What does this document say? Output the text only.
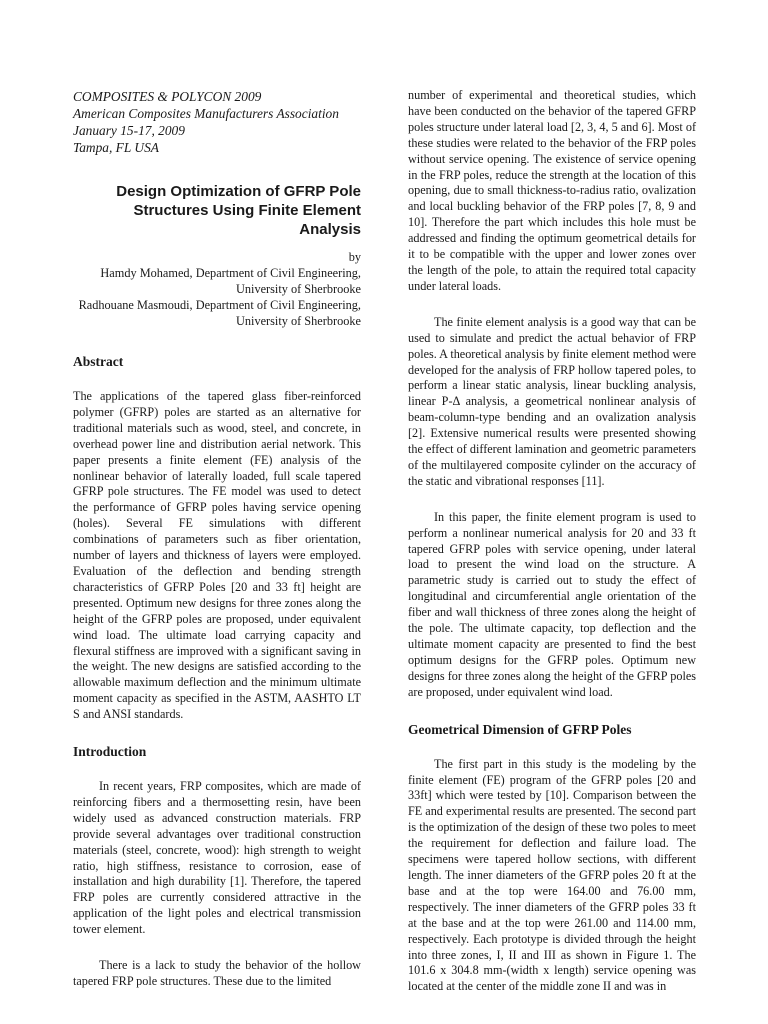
COMPOSITES & POLYCON 2009
American Composites Manufacturers Association
January 15-17, 2009
Tampa, FL USA
Design Optimization of GFRP Pole
Structures Using Finite Element
Analysis
by
Hamdy Mohamed, Department of Civil Engineering,
University of Sherbrooke
Radhouane Masmoudi, Department of Civil Engineering,
University of Sherbrooke
Abstract

The applications of the tapered glass fiber-reinforced polymer (GFRP) poles are started as an alternative for traditional materials such as wood, steel, and concrete, in overhead power line and distribution aerial network. This paper presents a finite element (FE) analysis of the nonlinear behavior of laterally loaded, full scale tapered GFRP pole structures. The FE model was used to detect the performance of GFRP poles having service opening (holes). Several FE simulations with different combinations of parameters such as fiber orientation, number of layers and thickness of layers were employed. Evaluation of the deflection and bending strength characteristics of GFRP Poles [20 and 33 ft] height are presented. Optimum new designs for three zones along the height of the GFRP poles are proposed, under equivalent wind load. The ultimate load carrying capacity and flexural stiffness are improved with a significant saving in the weight. The new designs are satisfied according to the allowable maximum deflection and the minimum ultimate moment capacity as specified in the ASTM, AASHTO LT S and ANSI standards.

Introduction

In recent years, FRP composites, which are made of reinforcing fibers and a thermosetting resin, have been widely used as advanced construction materials. FRP provide several advantages over traditional construction materials (steel, concrete, wood): high strength to weight ratio, high stiffness, resistance to corrosion, ease of installation and high durability [1]. Therefore, the tapered FRP poles are currently considered attractive in the application of the light poles and electrical transmission tower element.

There is a lack to study the behavior of the hollow tapered FRP pole structures. These due to the limited

number of experimental and theoretical studies, which have been conducted on the behavior of the tapered GFRP poles structure under lateral load [2, 3, 4, 5 and 6]. Most of these studies were related to the behavior of the FRP poles without service opening. The existence of service opening in the FRP poles, reduce the strength at the location of this opening, due to small thickness-to-radius ratio, ovalization and local buckling behavior of the FRP poles [7, 8, 9 and 10]. Therefore the part which includes this hole must be addressed and finding the optimum geometrical details for it to be compatible with the upper and lower zones over the length of the pole, to attain the required total capacity under lateral loads.

The finite element analysis is a good way that can be used to simulate and predict the actual behavior of FRP poles. A theoretical analysis by finite element method were developed for the analysis of FRP hollow tapered poles, to perform a linear static analysis, linear buckling analysis, linear P-Δ analysis, a geometrical nonlinear analysis of beam-column-type bending and an ovalization analysis [2]. Extensive numerical results were presented showing the effect of different lamination and geometric parameters of the multilayered composite cylinder on the accuracy of the static and vibrational responses [11].

In this paper, the finite element program is used to perform a nonlinear numerical analysis for 20 and 33 ft tapered GFRP poles with service opening, under lateral load to present the wind load on the structure. A parametric study is carried out to study the effect of longitudinal and circumferential angle orientation of the fiber and wall thickness of three zones along the height of the pole. The ultimate capacity, top deflection and the ultimate moment capacity are presented to find the best optimum designs for the GFRP poles. Optimum new designs for three zones along the height of the GFRP poles are proposed, under equivalent wind load.

Geometrical Dimension of GFRP Poles

The first part in this study is the modeling by the finite element (FE) program of the GFRP poles [20 and 33ft] which were tested by [10]. Comparison between the FE and experimental results are presented. The second part is the optimization of the design of these two poles to meet the requirement for deflection and failure load. The specimens were tapered hollow sections, with different length. The inner diameters of the GFRP poles 20 ft at the base and at the top were 164.00 and 76.00 mm, respectively. The inner diameters of the GFRP poles 33 ft at the base and at the top were 261.00 and 114.00 mm, respectively. Each prototype is divided through the height into three zones, I, II and III as shown in Figure 1. The 101.6 x 304.8 mm-(width x length) service opening was located at the center of the middle zone II and was in
